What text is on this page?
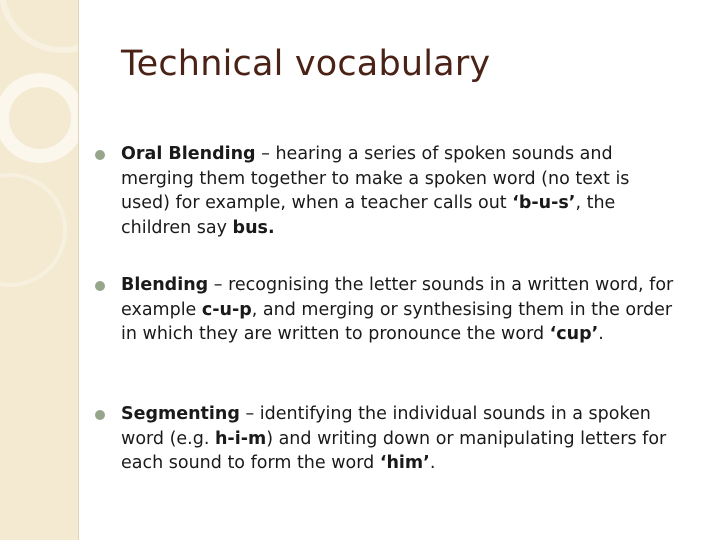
Technical vocabulary

Oral Blending – hearing a series of spoken sounds and merging them together to make a spoken word (no text is used) for example, when a teacher calls out ‘b-u-s’, the children say bus.

Blending – recognising the letter sounds in a written word, for example c-u-p, and merging or synthesising them in the order in which they are written to pronounce the word ‘cup’.

Segmenting – identifying the individual sounds in a spoken word (e.g. h-i-m) and writing down or manipulating letters for each sound to form the word ‘him’.
